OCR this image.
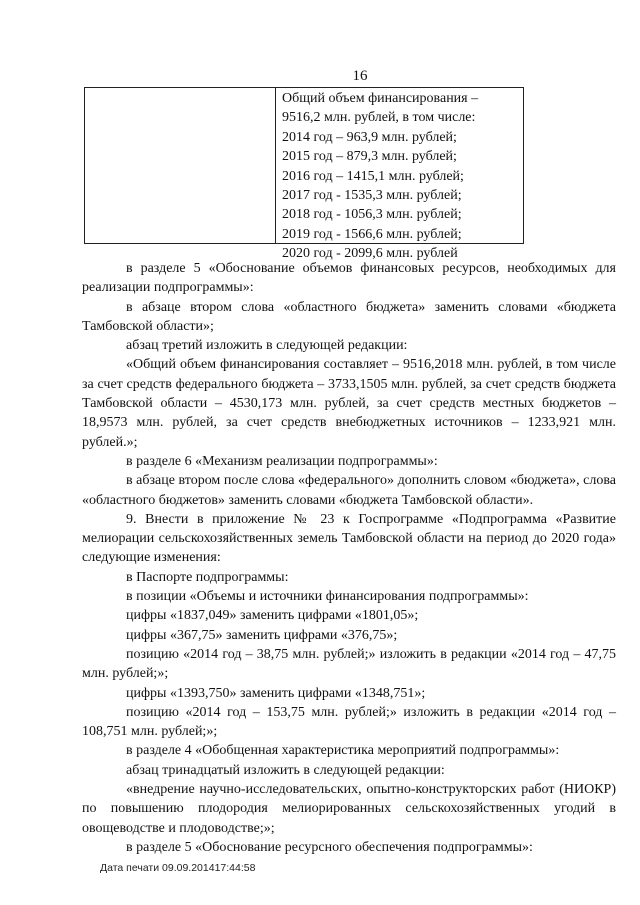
16
Общий объем финансирования –
9516,2 млн. рублей, в том числе:
2014 год – 963,9 млн. рублей;
2015 год – 879,3 млн. рублей;
2016 год – 1415,1 млн. рублей;
2017 год - 1535,3 млн. рублей;
2018 год - 1056,3 млн. рублей;
2019 год - 1566,6 млн. рублей;
2020 год - 2099,6 млн. рублей

в разделе 5 «Обоснование объемов финансовых ресурсов, необходимых для реализации подпрограммы»:

в абзаце втором слова «областного бюджета» заменить словами «бюджета Тамбовской области»;

абзац третий изложить в следующей редакции:

«Общий объем финансирования составляет – 9516,2018 млн. рублей, в том числе за счет средств федерального бюджета – 3733,1505 млн. рублей, за счет средств бюджета Тамбовской области – 4530,173 млн. рублей, за счет средств местных бюджетов – 18,9573 млн. рублей, за счет средств внебюджетных источников – 1233,921 млн. рублей.»;

в разделе 6 «Механизм реализации подпрограммы»:

в абзаце втором после слова «федерального» дополнить словом «бюджета», слова «областного бюджетов» заменить словами «бюджета Тамбовской области».

9. Внести в приложение № 23 к Госпрограмме «Подпрограмма «Развитие мелиорации сельскохозяйственных земель Тамбовской области на период до 2020 года» следующие изменения:

в Паспорте подпрограммы:

в позиции «Объемы и источники финансирования подпрограммы»:

цифры «1837,049» заменить цифрами «1801,05»;

цифры «367,75» заменить цифрами «376,75»;

позицию «2014 год – 38,75 млн. рублей;» изложить в редакции «2014 год – 47,75 млн. рублей;»;

цифры «1393,750» заменить цифрами «1348,751»;

позицию «2014 год – 153,75 млн. рублей;» изложить в редакции «2014 год – 108,751 млн. рублей;»;

в разделе 4 «Обобщенная характеристика мероприятий подпрограммы»:

абзац тринадцатый изложить в следующей редакции:

«внедрение научно-исследовательских, опытно-конструкторских работ (НИОКР) по повышению плодородия мелиорированных сельскохозяйственных угодий в овощеводстве и плодоводстве;»;

в разделе 5 «Обоснование ресурсного обеспечения подпрограммы»:

Дата печати 09.09.201417:44:58
